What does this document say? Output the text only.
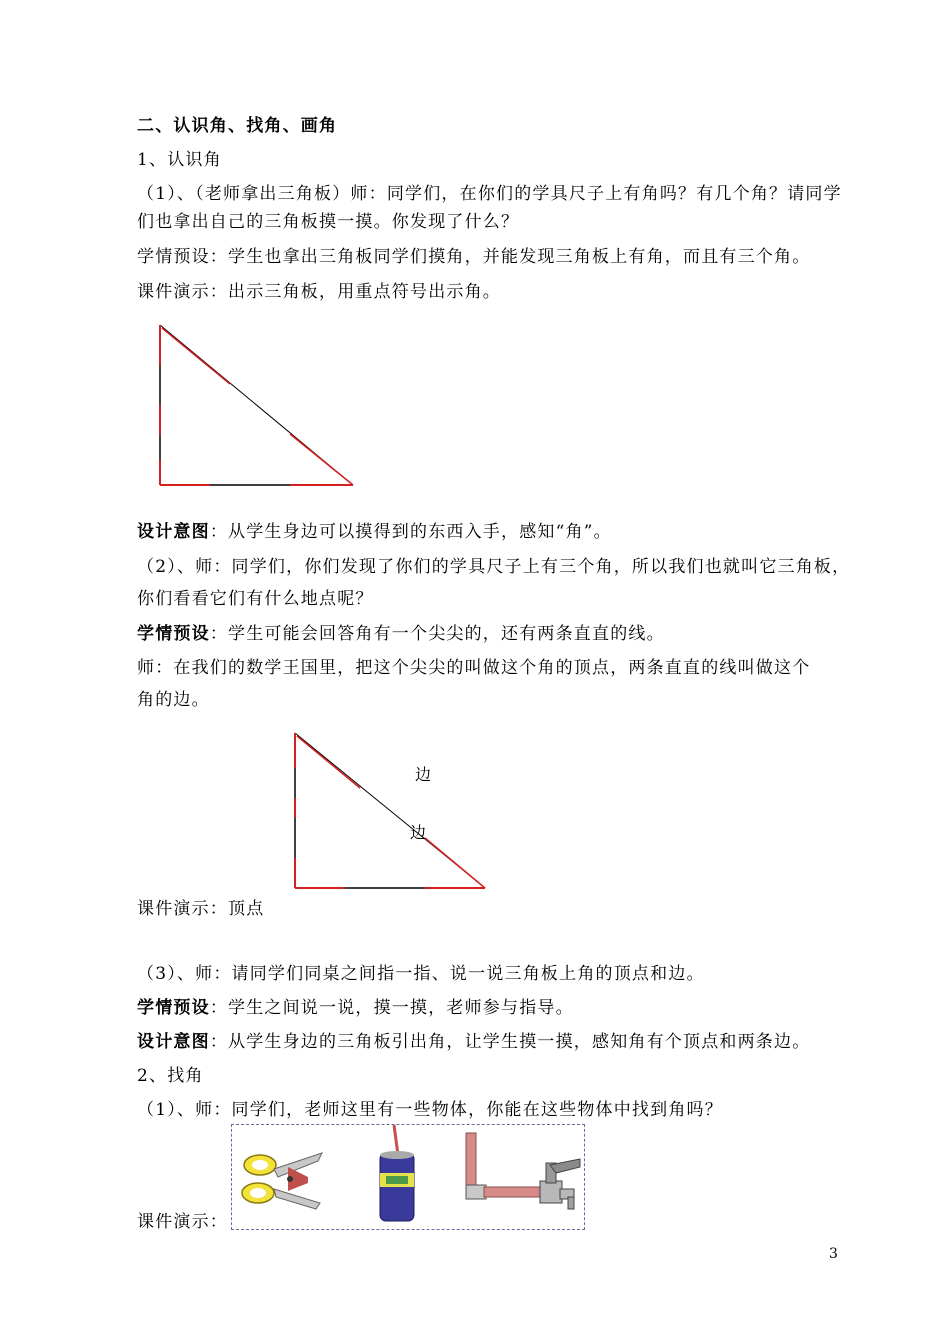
二、认识角、找角、画角
1、认识角
（1）、（老师拿出三角板）师：同学们，在你们的学具尺子上有角吗？有几个角？请同学
们也拿出自己的三角板摸一摸。你发现了什么？
学情预设：学生也拿出三角板同学们摸角，并能发现三角板上有角，而且有三个角。
课件演示：出示三角板，用重点符号出示角。
设计意图：从学生身边可以摸得到的东西入手，感知“角”。
（2）、师：同学们，你们发现了你们的学具尺子上有三个角，所以我们也就叫它三角板，
你们看看它们有什么地点呢？
学情预设：学生可能会回答角有一个尖尖的，还有两条直直的线。
师：在我们的数学王国里，把这个尖尖的叫做这个角的顶点，两条直直的线叫做这个
角的边。
边
边
课件演示：顶点
（3）、师：请同学们同桌之间指一指、说一说三角板上角的顶点和边。
学情预设：学生之间说一说，摸一摸，老师参与指导。
设计意图：从学生身边的三角板引出角，让学生摸一摸，感知角有个顶点和两条边。
2、找角
（1）、师：同学们，老师这里有一些物体，你能在这些物体中找到角吗？
课件演示：
3
